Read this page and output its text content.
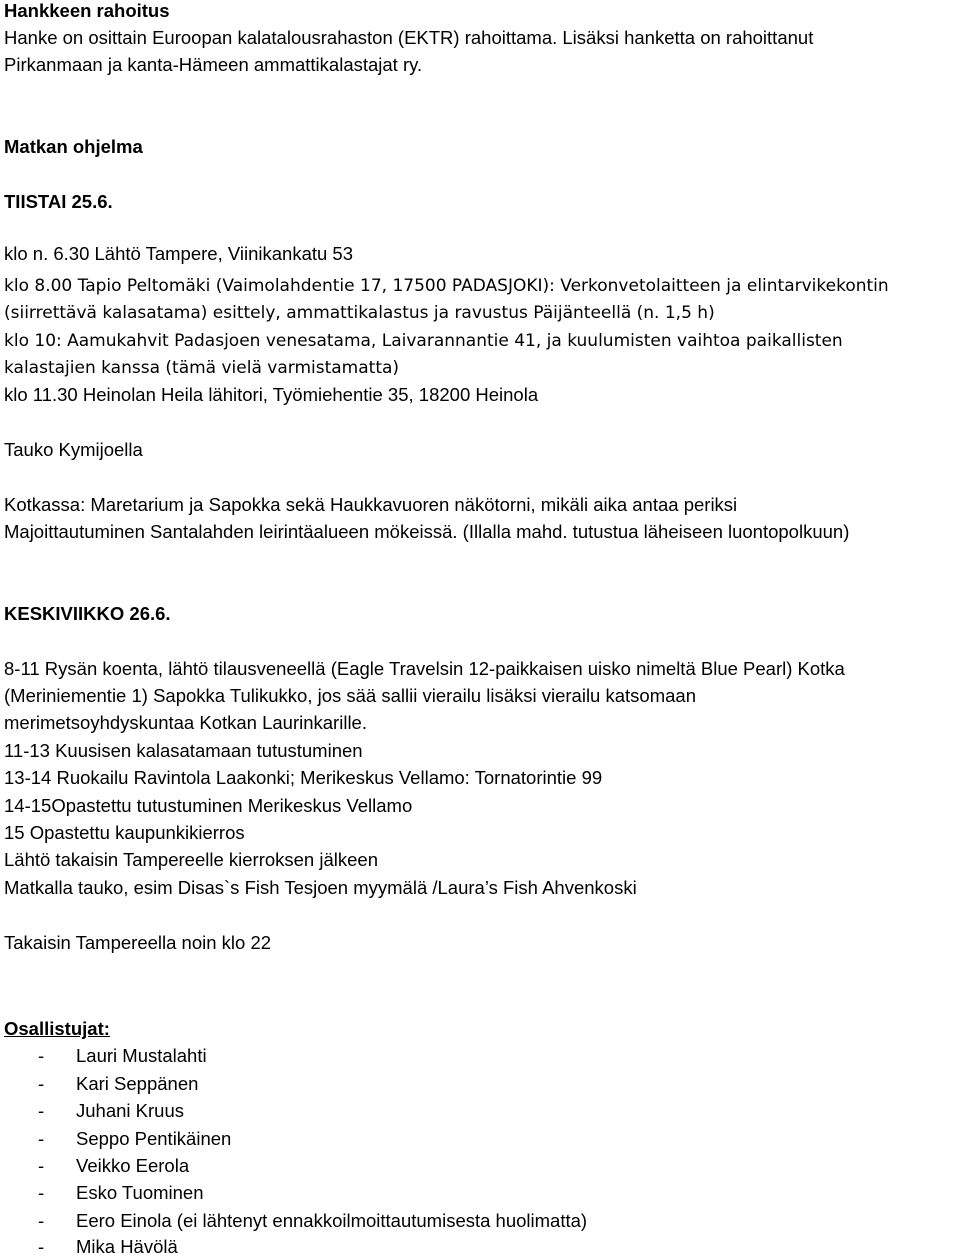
Hankkeen rahoitus
Hanke on osittain Euroopan kalatalousrahaston (EKTR) rahoittama. Lisäksi hanketta on rahoittanut
Pirkanmaan ja kanta-Hämeen ammattikalastajat ry.
Matkan ohjelma
TIISTAI 25.6.
klo n. 6.30 Lähtö Tampere, Viinikankatu 53
klo 8.00 Tapio Peltomäki (Vaimolahdentie 17, 17500 PADASJOKI): Verkonvetolaitteen ja elintarvikekontin
(siirrettävä kalasatama) esittely, ammattikalastus ja ravustus Päijänteellä (n. 1,5 h)
klo 10: Aamukahvit Padasjoen venesatama, Laivarannantie 41, ja kuulumisten vaihtoa paikallisten
kalastajien kanssa (tämä vielä varmistamatta)
klo 11.30 Heinolan Heila lähitori, Työmiehentie 35, 18200 Heinola
Tauko Kymijoella
Kotkassa: Maretarium ja Sapokka sekä Haukkavuoren näkötorni, mikäli aika antaa periksi
Majoittautuminen Santalahden leirintäalueen mökeissä. (Illalla mahd. tutustua läheiseen luontopolkuun)
KESKIVIIKKO 26.6.
8-11 Rysän koenta, lähtö tilausveneellä (Eagle Travelsin 12-paikkaisen uisko nimeltä Blue Pearl) Kotka
(Meriniementie 1) Sapokka Tulikukko, jos sää sallii vierailu lisäksi vierailu katsomaan
merimetsoyhdyskuntaa Kotkan Laurinkarille.
11-13 Kuusisen kalasatamaan tutustuminen
13-14 Ruokailu Ravintola Laakonki; Merikeskus Vellamo: Tornatorintie 99
14-15Opastettu tutustuminen Merikeskus Vellamo
15 Opastettu kaupunkikierros
Lähtö takaisin Tampereelle kierroksen jälkeen
Matkalla tauko, esim Disas`s Fish Tesjoen myymälä /Laura’s Fish Ahvenkoski
Takaisin Tampereella noin klo 22
Osallistujat:
- Lauri Mustalahti
- Kari Seppänen
- Juhani Kruus
- Seppo Pentikäinen
- Veikko Eerola
- Esko Tuominen
- Eero Einola (ei lähtenyt ennakkoilmoittautumisesta huolimatta)
- Mika Hävölä
